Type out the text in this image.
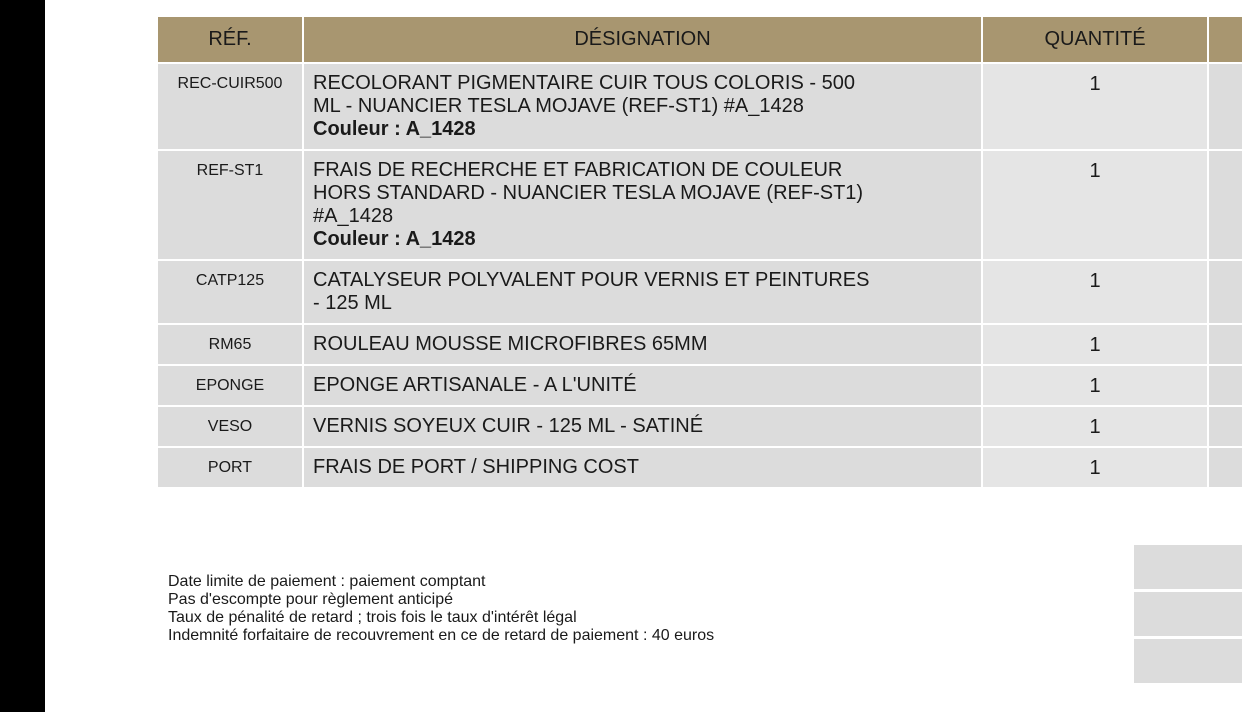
RÉF.	DÉSIGNATION	QUANTITÉ	
REC-CUIR500	RECOLORANT PIGMENTAIRE CUIR TOUS COLORIS - 500
ML - NUANCIER TESLA MOJAVE (REF-ST1) #A_1428
Couleur : A_1428	1	
REF-ST1	FRAIS DE RECHERCHE ET FABRICATION DE COULEUR
HORS STANDARD - NUANCIER TESLA MOJAVE (REF-ST1)
#A_1428
Couleur : A_1428	1	
CATP125	CATALYSEUR POLYVALENT POUR VERNIS ET PEINTURES
- 125 ML	1	
RM65	ROULEAU MOUSSE MICROFIBRES 65MM	1	
EPONGE	EPONGE ARTISANALE - A L'UNITÉ	1	
VESO	VERNIS SOYEUX CUIR - 125 ML - SATINÉ	1	
PORT	FRAIS DE PORT / SHIPPING COST	1	
Date limite de paiement : paiement comptant
Pas d'escompte pour règlement anticipé
Taux de pénalité de retard ; trois fois le taux d'intérêt légal
Indemnité forfaitaire de recouvrement en ce de retard de paiement : 40 euros
